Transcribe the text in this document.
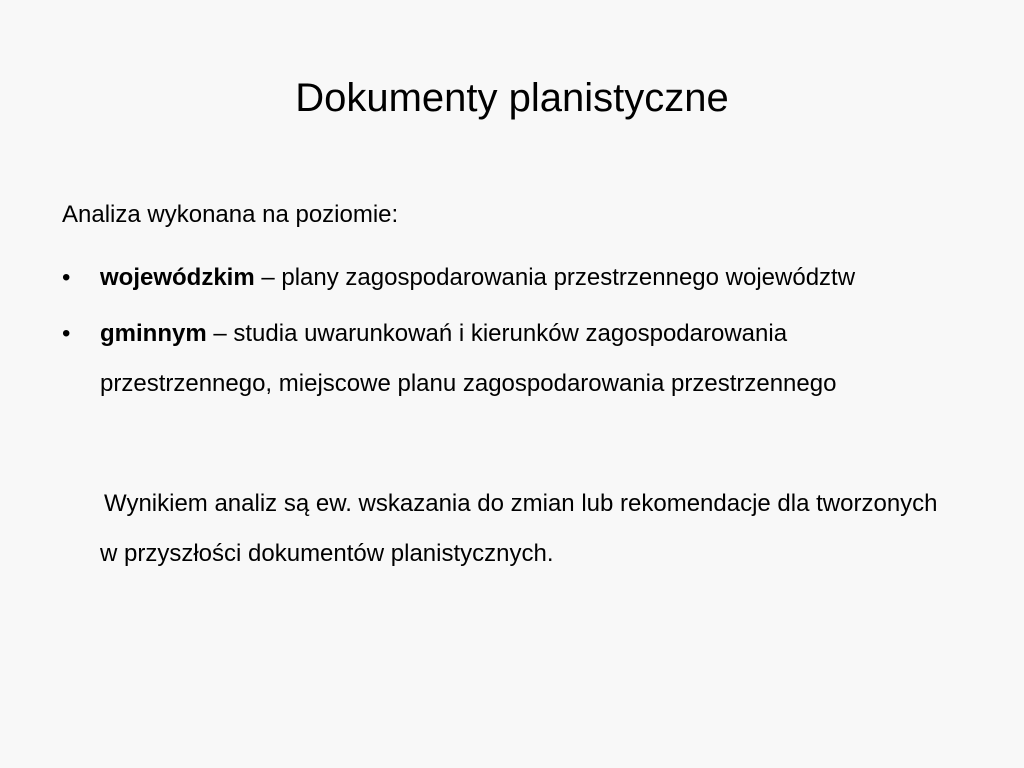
Dokumenty planistyczne

Analiza wykonana na poziomie:

• wojewódzkim – plany zagospodarowania przestrzennego województw
• gminnym – studia uwarunkowań i kierunków zagospodarowania przestrzennego, miejscowe planu zagospodarowania przestrzennego

Wynikiem analiz są ew. wskazania do zmian lub rekomendacje dla tworzonych w przyszłości dokumentów planistycznych.
